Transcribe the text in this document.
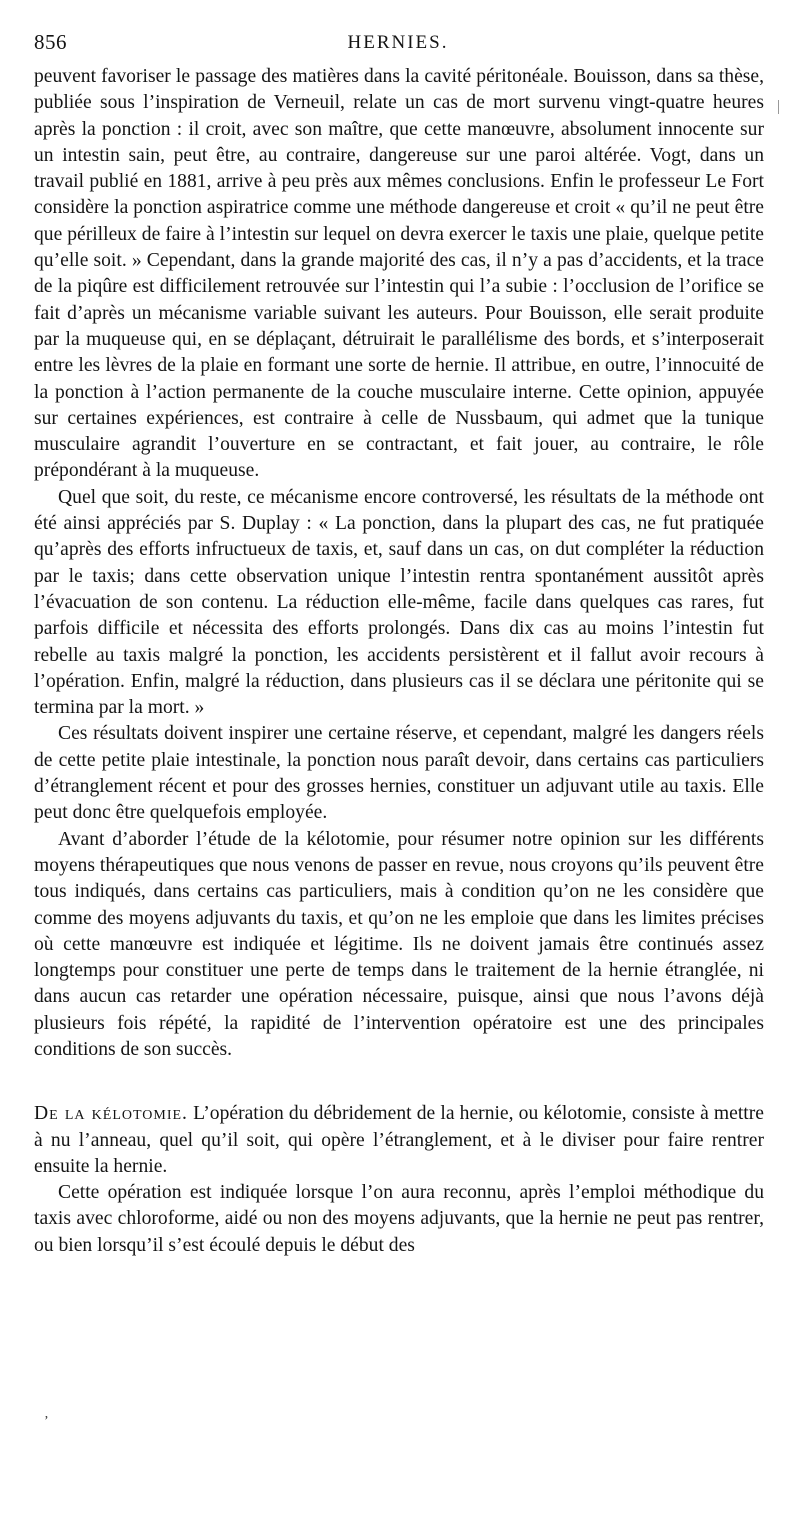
856	HERNIES.

peuvent favoriser le passage des matières dans la cavité péritonéale. Bouisson, dans sa thèse, publiée sous l’inspiration de Verneuil, relate un cas de mort survenu vingt-quatre heures après la ponction : il croit, avec son maître, que cette manœuvre, absolument innocente sur un intestin sain, peut être, au contraire, dangereuse sur une paroi altérée. Vogt, dans un travail publié en 1881, arrive à peu près aux mêmes conclusions. Enfin le professeur Le Fort considère la ponction aspiratrice comme une méthode dangereuse et croit « qu’il ne peut être que périlleux de faire à l’intestin sur lequel on devra exercer le taxis une plaie, quelque petite qu’elle soit. » Cependant, dans la grande majorité des cas, il n’y a pas d’accidents, et la trace de la piqûre est difficilement retrouvée sur l’intestin qui l’a subie : l’occlusion de l’orifice se fait d’après un mécanisme variable suivant les auteurs. Pour Bouisson, elle serait produite par la muqueuse qui, en se déplaçant, détruirait le parallélisme des bords, et s’interposerait entre les lèvres de la plaie en formant une sorte de hernie. Il attribue, en outre, l’innocuité de la ponction à l’action permanente de la couche musculaire interne. Cette opinion, appuyée sur certaines expériences, est contraire à celle de Nussbaum, qui admet que la tunique musculaire agrandit l’ouverture en se contractant, et fait jouer, au contraire, le rôle prépondérant à la muqueuse.

Quel que soit, du reste, ce mécanisme encore controversé, les résultats de la méthode ont été ainsi appréciés par S. Duplay : « La ponction, dans la plupart des cas, ne fut pratiquée qu’après des efforts infructueux de taxis, et, sauf dans un cas, on dut compléter la réduction par le taxis; dans cette observation unique l’intestin rentra spontanément aussitôt après l’évacuation de son contenu. La réduction elle-même, facile dans quelques cas rares, fut parfois difficile et nécessita des efforts prolongés. Dans dix cas au moins l’intestin fut rebelle au taxis malgré la ponction, les accidents persistèrent et il fallut avoir recours à l’opération. Enfin, malgré la réduction, dans plusieurs cas il se déclara une péritonite qui se termina par la mort. »

Ces résultats doivent inspirer une certaine réserve, et cependant, malgré les dangers réels de cette petite plaie intestinale, la ponction nous paraît devoir, dans certains cas particuliers d’étranglement récent et pour des grosses hernies, constituer un adjuvant utile au taxis. Elle peut donc être quelquefois employée.

Avant d’aborder l’étude de la kélotomie, pour résumer notre opinion sur les différents moyens thérapeutiques que nous venons de passer en revue, nous croyons qu’ils peuvent être tous indiqués, dans certains cas particuliers, mais à condition qu’on ne les considère que comme des moyens adjuvants du taxis, et qu’on ne les emploie que dans les limites précises où cette manœuvre est indiquée et légitime. Ils ne doivent jamais être continués assez longtemps pour constituer une perte de temps dans le traitement de la hernie étranglée, ni dans aucun cas retarder une opération nécessaire, puisque, ainsi que nous l’avons déjà plusieurs fois répété, la rapidité de l’intervention opératoire est une des principales conditions de son succès.

De la kélotomie. L’opération du débridement de la hernie, ou kélotomie, consiste à mettre à nu l’anneau, quel qu’il soit, qui opère l’étranglement, et à le diviser pour faire rentrer ensuite la hernie.

Cette opération est indiquée lorsque l’on aura reconnu, après l’emploi méthodique du taxis avec chloroforme, aidé ou non des moyens adjuvants, que la hernie ne peut pas rentrer, ou bien lorsqu’il s’est écoulé depuis le début des

ʼ
